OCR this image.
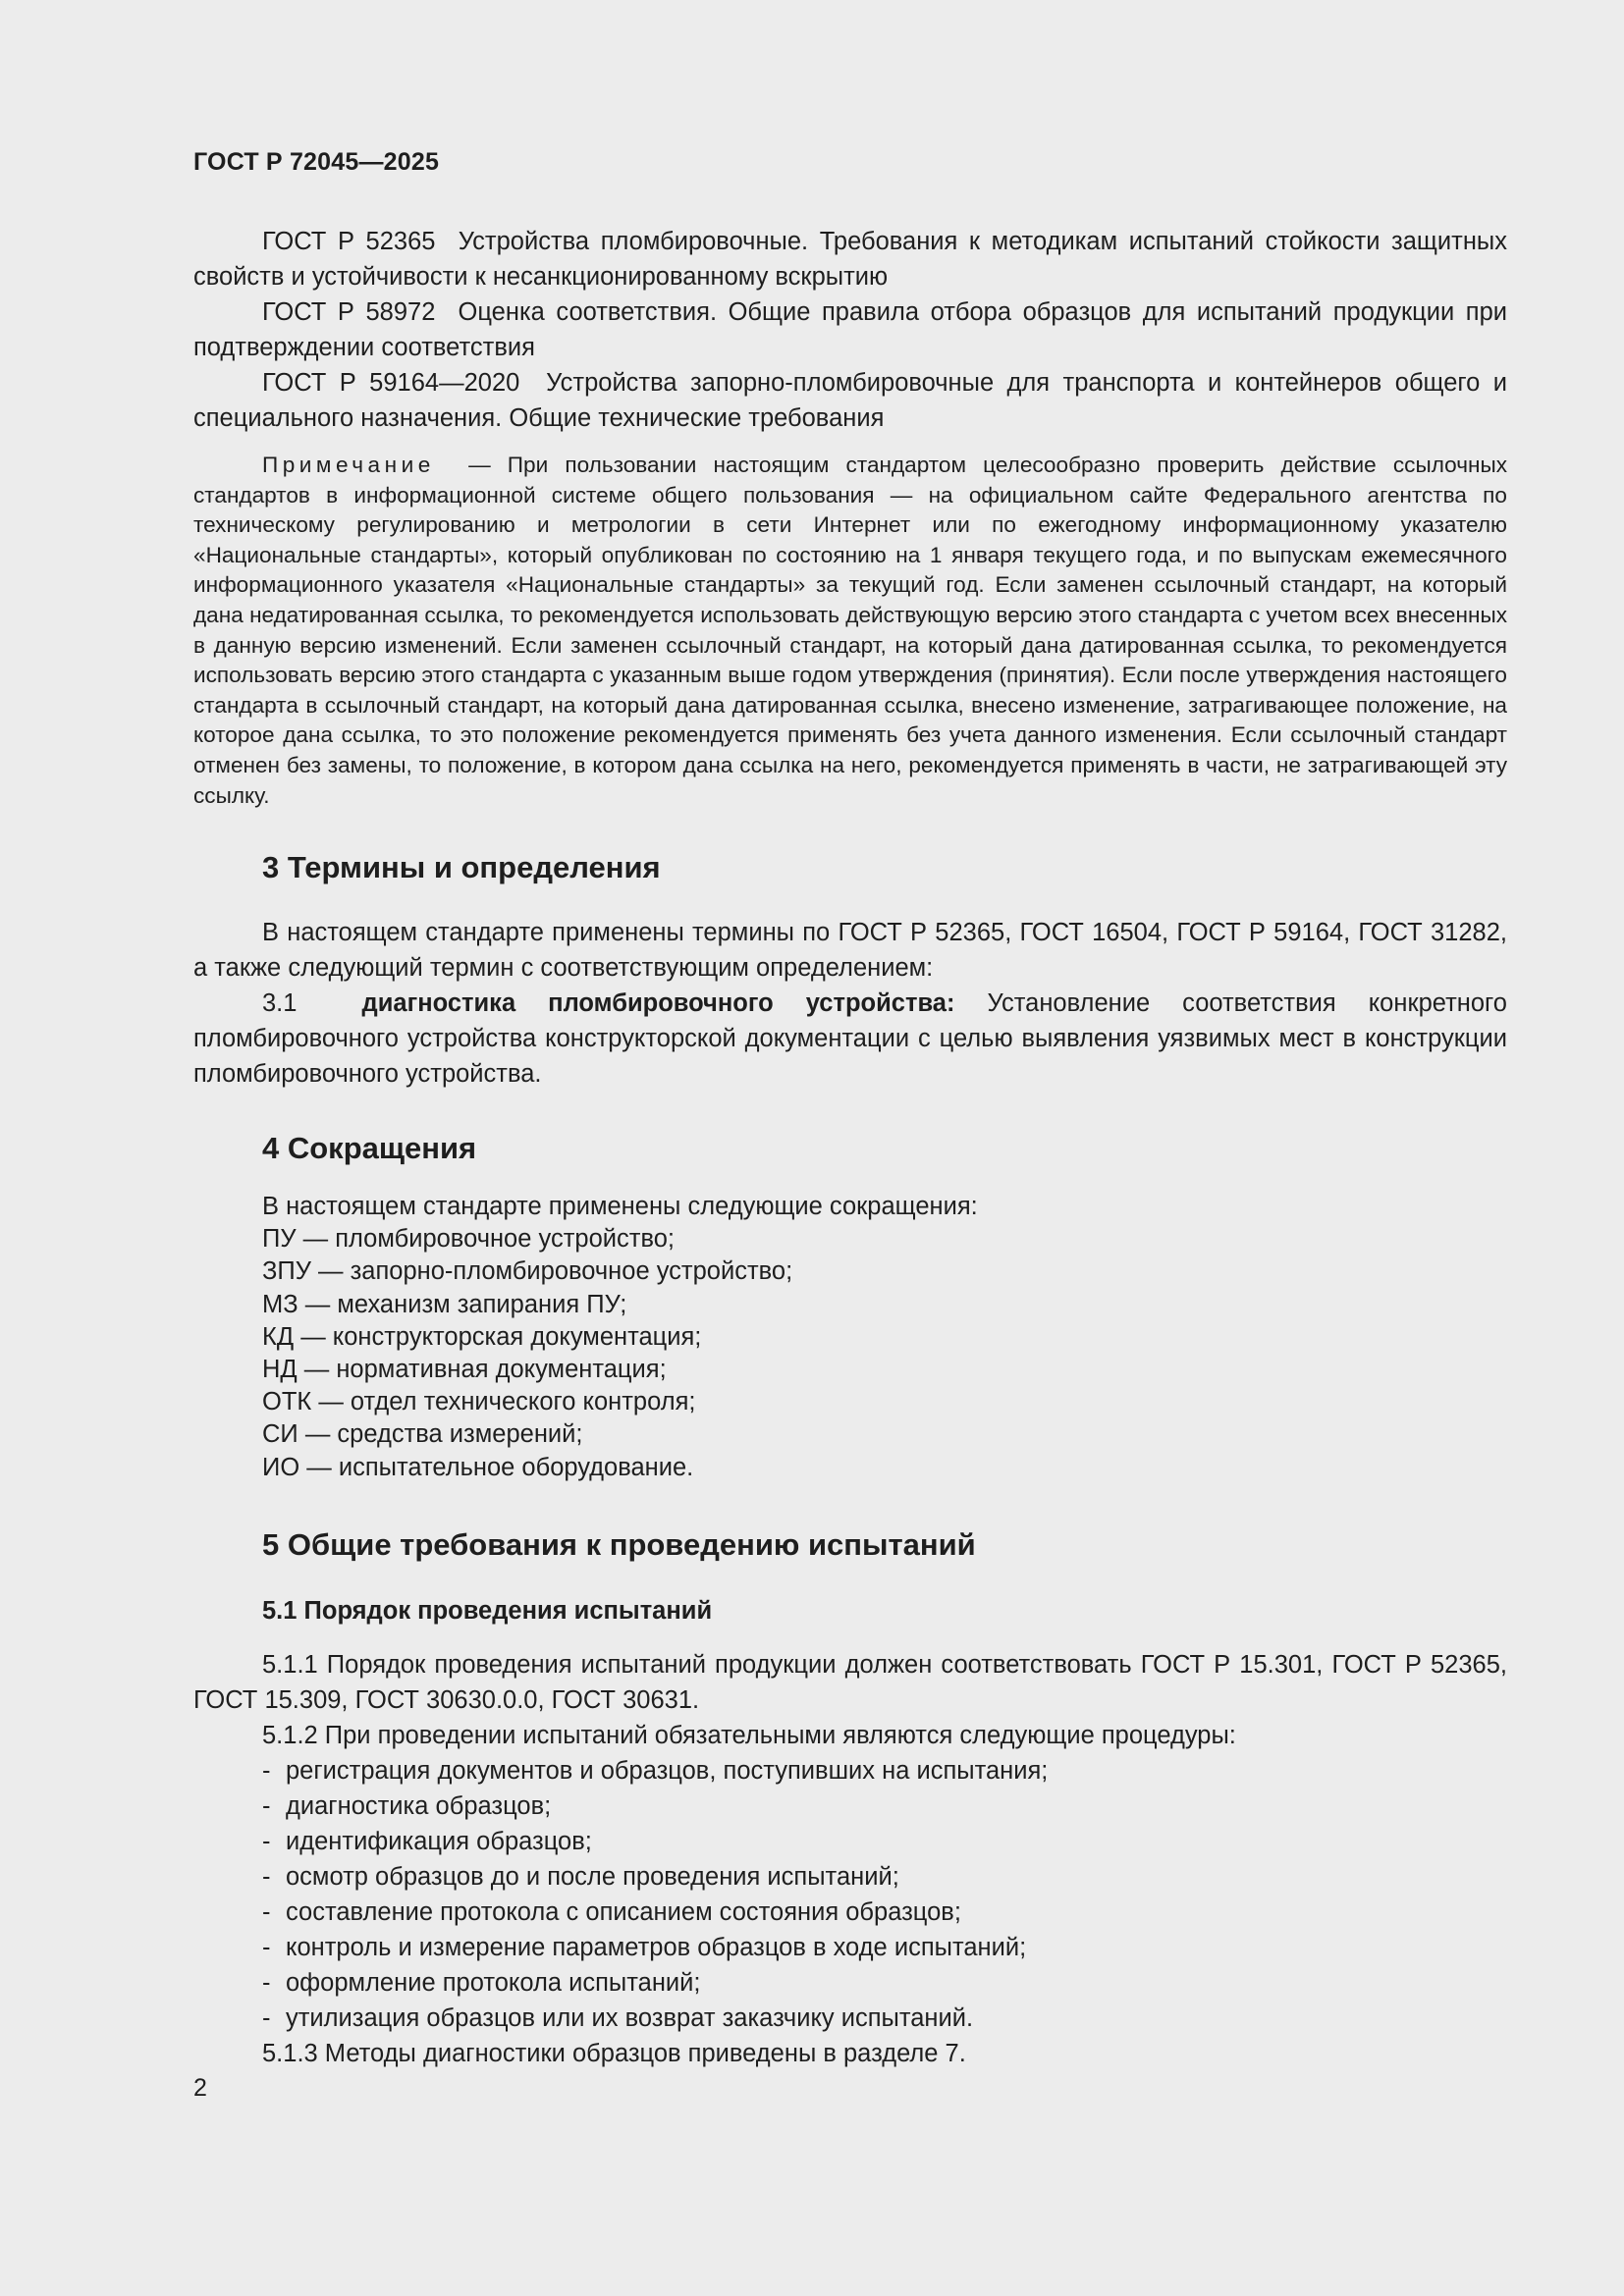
ГОСТ Р 72045—2025

ГОСТ Р 52365 Устройства пломбировочные. Требования к методикам испытаний стойкости защитных свойств и устойчивости к несанкционированному вскрытию

ГОСТ Р 58972 Оценка соответствия. Общие правила отбора образцов для испытаний продукции при подтверждении соответствия

ГОСТ Р 59164—2020 Устройства запорно-пломбировочные для транспорта и контейнеров общего и специального назначения. Общие технические требования

Примечание — При пользовании настоящим стандартом целесообразно проверить действие ссылочных стандартов в информационной системе общего пользования — на официальном сайте Федерального агентства по техническому регулированию и метрологии в сети Интернет или по ежегодному информационному указателю «Национальные стандарты», который опубликован по состоянию на 1 января текущего года, и по выпускам ежемесячного информационного указателя «Национальные стандарты» за текущий год. Если заменен ссылочный стандарт, на который дана недатированная ссылка, то рекомендуется использовать действующую версию этого стандарта с учетом всех внесенных в данную версию изменений. Если заменен ссылочный стандарт, на который дана датированная ссылка, то рекомендуется использовать версию этого стандарта с указанным выше годом утверждения (принятия). Если после утверждения настоящего стандарта в ссылочный стандарт, на который дана датированная ссылка, внесено изменение, затрагивающее положение, на которое дана ссылка, то это положение рекомендуется применять без учета данного изменения. Если ссылочный стандарт отменен без замены, то положение, в котором дана ссылка на него, рекомендуется применять в части, не затрагивающей эту ссылку.

3 Термины и определения

В настоящем стандарте применены термины по ГОСТ Р 52365, ГОСТ 16504, ГОСТ Р 59164, ГОСТ 31282, а также следующий термин с соответствующим определением:

3.1	диагностика пломбировочного устройства: Установление соответствия конкретного пломбировочного устройства конструкторской документации с целью выявления уязвимых мест в конструкции пломбировочного устройства.

4 Сокращения
В настоящем стандарте применены следующие сокращения:
ПУ — пломбировочное устройство;
ЗПУ — запорно-пломбировочное устройство;
МЗ — механизм запирания ПУ;
КД — конструкторская документация;
НД — нормативная документация;
ОТК — отдел технического контроля;
СИ — средства измерений;
ИО — испытательное оборудование.
5 Общие требования к проведению испытаний
5.1 Порядок проведения испытаний

5.1.1 Порядок проведения испытаний продукции должен соответствовать ГОСТ Р 15.301, ГОСТ Р 52365, ГОСТ 15.309, ГОСТ 30630.0.0, ГОСТ 30631.

5.1.2 При проведении испытаний обязательными являются следующие процедуры:

- регистрация документов и образцов, поступивших на испытания;
- диагностика образцов;
- идентификация образцов;
- осмотр образцов до и после проведения испытаний;
- составление протокола с описанием состояния образцов;
- контроль и измерение параметров образцов в ходе испытаний;
- оформление протокола испытаний;
- утилизация образцов или их возврат заказчику испытаний.

5.1.3 Методы диагностики образцов приведены в разделе 7.

2
